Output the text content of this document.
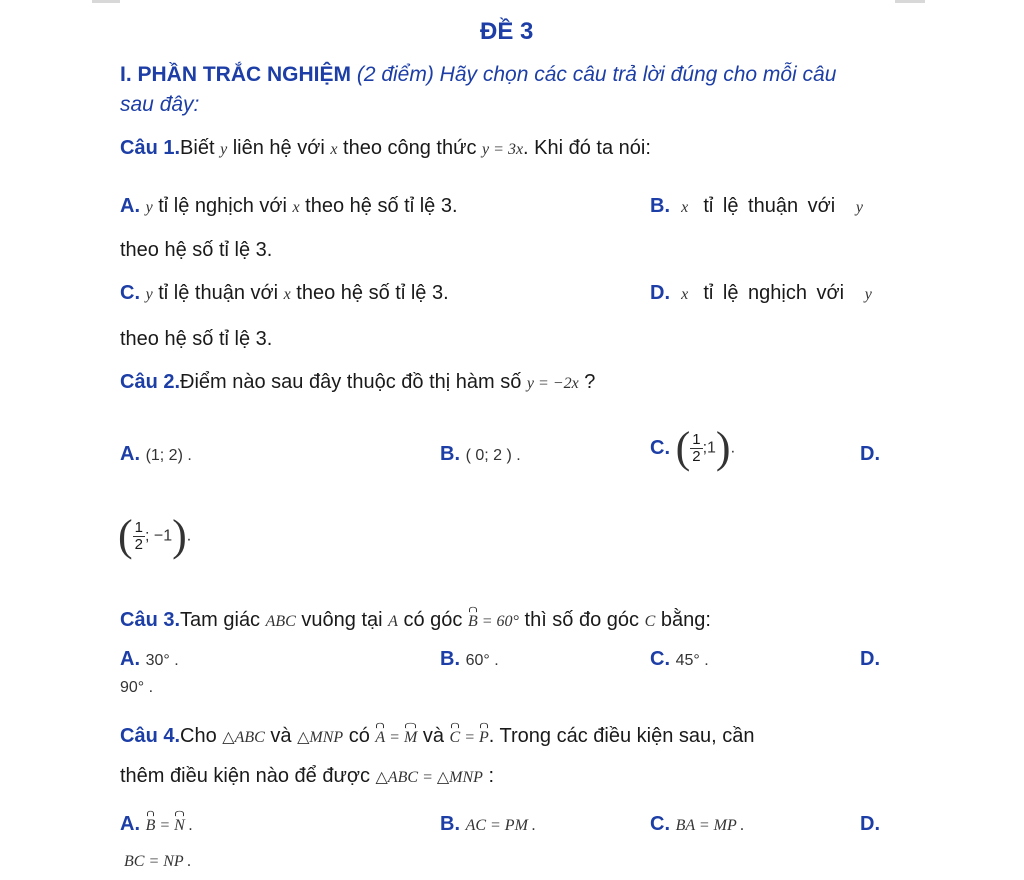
ĐỀ 3
I. PHẦN TRẮC NGHIỆM (2 điểm) Hãy chọn các câu trả lời đúng cho mỗi câu
sau đây:
Câu 1.Biết y liên hệ với x theo công thức y = 3x. Khi đó ta nói:
A. y tỉ lệ nghịch với x theo hệ số tỉ lệ 3.	B. x  tỉ lệ thuận với   y
theo hệ số tỉ lệ 3.
C. y tỉ lệ thuận với x theo hệ số tỉ lệ 3.	D. x  tỉ lệ nghịch với   y
theo hệ số tỉ lệ 3.
Câu 2.Điểm nào sau đây thuộc đồ thị hàm số y = −2x ?
A. (1; 2) .	B. ( 0; 2 ) .	C. ( $\frac{1}{2}$ ;1).	D.
( $\frac{1}{2}$ ; −1).
Câu 3.Tam giác ABC vuông tại A có góc B = 60° thì số đo góc C bằng:
A. 30° .	B. 60° .	C. 45° .	D.
90° .
Câu 4.Cho △ABC và △MNP có A = M và C = P. Trong các điều kiện sau, cần
thêm điều kiện nào để được △ABC = △MNP :
A. B = N .	B. AC = PM .	C. BA = MP .	D.
BC = NP .
